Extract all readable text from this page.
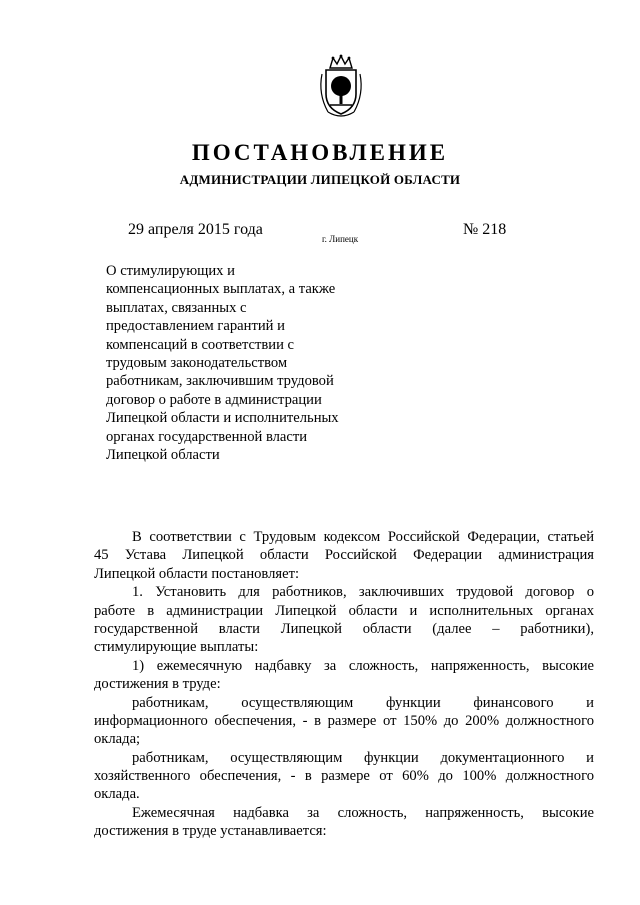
ПОСТАНОВЛЕНИЕ
АДМИНИСТРАЦИИ ЛИПЕЦКОЙ ОБЛАСТИ
29 апреля 2015 года
г. Липецк
№ 218
О стимулирующих и
компенсационных выплатах, а также
выплатах, связанных с
предоставлением гарантий и
компенсаций в соответствии с
трудовым законодательством
работникам, заключившим трудовой
договор о работе в администрации
Липецкой области и исполнительных
органах государственной власти
Липецкой области
В соответствии с Трудовым кодексом Российской Федерации, статьей
45 Устава Липецкой области Российской Федерации администрация
Липецкой области постановляет:
1. Установить для работников, заключивших трудовой договор о
работе в администрации Липецкой области и исполнительных органах
государственной власти Липецкой области (далее – работники),
стимулирующие выплаты:
1) ежемесячную надбавку за сложность, напряженность, высокие
достижения в труде:
работникам, осуществляющим функции финансового и
информационного обеспечения, - в размере от 150% до 200% должностного
оклада;
работникам, осуществляющим функции документационного и
хозяйственного обеспечения, - в размере от 60% до 100% должностного
оклада.
Ежемесячная надбавка за сложность, напряженность, высокие
достижения в труде устанавливается:
